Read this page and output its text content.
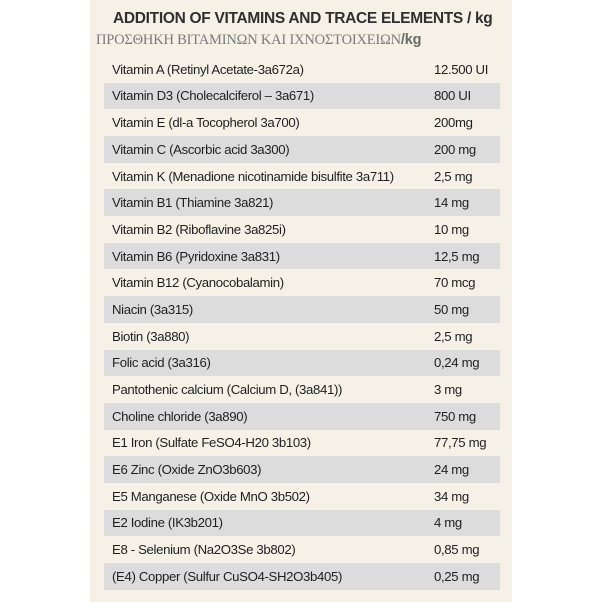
ADDITION OF VITAMINS AND TRACE ELEMENTS / kg
ΠΡΟΣΘΗΚΗ ΒΙΤΑΜΙΝΩΝ ΚΑΙ ΙΧΝΟΣΤΟΙΧΕΙΩΝ/kg
Vitamin A (Retinyl Acetate-3a672a)	12.500 UI
Vitamin D3 (Cholecalciferol – 3a671)	800 UI
Vitamin E (dl-a Tocopherol 3a700)	200mg
Vitamin C (Ascorbic acid 3a300)	200 mg
Vitamin K (Menadione nicotinamide bisulfite 3a711)	2,5 mg
Vitamin B1 (Thiamine 3a821)	14 mg
Vitamin B2 (Riboflavine 3a825i)	10 mg
Vitamin B6 (Pyridoxine 3a831)	12,5 mg
Vitamin B12 (Cyanocobalamin)	70 mcg
Niacin (3a315)	50 mg
Biotin (3a880)	2,5 mg
Folic acid (3a316)	0,24 mg
Pantothenic calcium (Calcium D, (3a841))	3 mg
Choline chloride (3a890)	750 mg
E1 Iron (Sulfate FeSO4-H20 3b103)	77,75 mg
E6 Zinc (Oxide ZnO3b603)	24 mg
E5 Manganese (Oxide MnO 3b502)	34 mg
E2 Iodine (IK3b201)	4 mg
E8 - Selenium (Na2O3Se 3b802)	0,85 mg
(E4) Copper (Sulfur CuSO4-SH2O3b405)	0,25 mg
